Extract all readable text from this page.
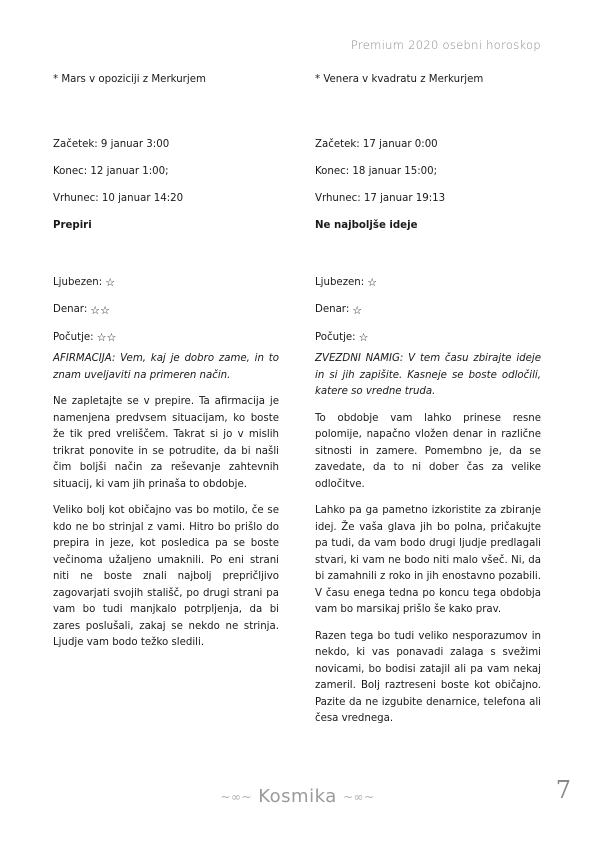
Premium 2020 osebni horoskop
* Mars v opoziciji z Merkurjem
Začetek: 9 januar 3:00
Konec: 12 januar 1:00;
Vrhunec: 10 januar 14:20
Prepiri
Ljubezen: ☆
Denar: ☆ ☆
Počutje: ☆ ☆

AFIRMACIJA: Vem, kaj je dobro zame, in to znam uveljaviti na primeren način.

Ne zapletajte se v prepire. Ta afirmacija je namenjena predvsem situacijam, ko boste že tik pred vreliščem. Takrat si jo v mislih trikrat ponovite in se potrudite, da bi našli čim boljši način za reševanje zahtevnih situacij, ki vam jih prinaša to obdobje.

Veliko bolj kot običajno vas bo motilo, če se kdo ne bo strinjal z vami. Hitro bo prišlo do prepira in jeze, kot posledica pa se boste večinoma užaljeno umaknili. Po eni strani niti ne boste znali najbolj prepričljivo zagovarjati svojih stališč, po drugi strani pa vam bo tudi manjkalo potrpljenja, da bi zares poslušali, zakaj se nekdo ne strinja. Ljudje vam bodo težko sledili.

* Venera v kvadratu z Merkurjem
Začetek: 17 januar 0:00
Konec: 18 januar 15:00;
Vrhunec: 17 januar 19:13
Ne najboljše ideje
Ljubezen: ☆
Denar: ☆
Počutje: ☆

ZVEZDNI NAMIG: V tem času zbirajte ideje in si jih zapišite. Kasneje se boste odločili, katere so vredne truda.

To obdobje vam lahko prinese resne polomije, napačno vložen denar in različne sitnosti in zamere. Pomembno je, da se zavedate, da to ni dober čas za velike odločitve.

Lahko pa ga pametno izkoristite za zbiranje idej. Že vaša glava jih bo polna, pričakujte pa tudi, da vam bodo drugi ljudje predlagali stvari, ki vam ne bodo niti malo všeč. Ni, da bi zamahnili z roko in jih enostavno pozabili. V času enega tedna po koncu tega obdobja vam bo marsikaj prišlo še kako prav.

Razen tega bo tudi veliko nesporazumov in nekdo, ki vas ponavadi zalaga s svežimi novicami, bo bodisi zatajil ali pa vam nekaj zameril. Bolj raztreseni boste kot običajno. Pazite da ne izgubite denarnice, telefona ali česa vrednega.

~∞~ Kosmika ~∞~	7
